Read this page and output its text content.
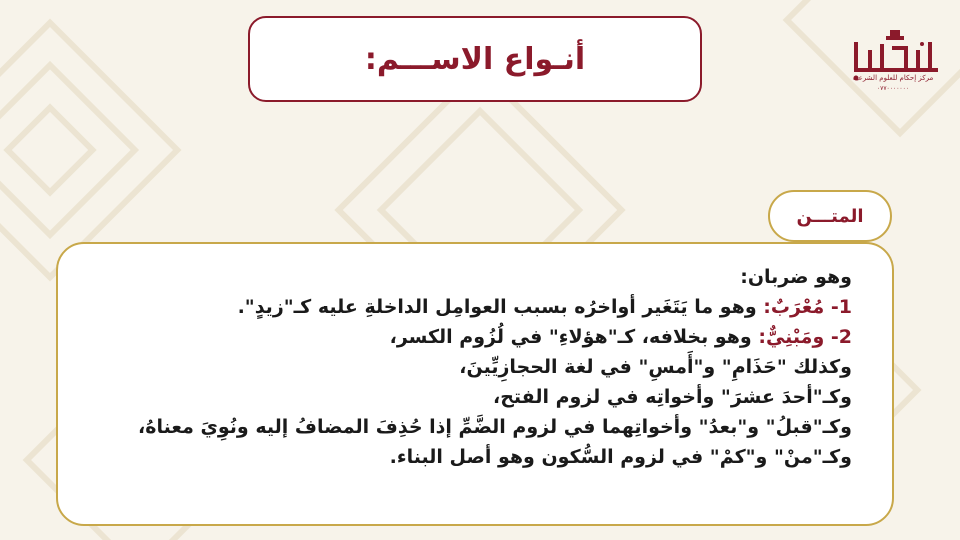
أنـواع الاســـم:
مركز إحكام للعلوم الشرعية
٠٧٧٠٠٠٠٠٠٠
المتـــن
وهو ضربان:
1- مُعْرَبٌ: وهو ما يَتَغَير أواخرُه بسبب العوامِل الداخلةِ عليه كـ"زيدٍ".
2- ومَبْنِيٌّ: وهو بخلافه، كـ"هؤلاءِ" في لُزُوم الكسر،
وكذلك "حَذَامِ" و"أَمسِ" في لغة الحجازِيِّينَ،
وكـ"أحدَ عشرَ" وأخواتِه في لزوم الفتح،
وكـ"قبلُ" و"بعدُ" وأخواتِهما في لزوم الضَّمِّ إذا حُذِفَ المضافُ إليه ونُوِيَ معناهُ،
وكـ"منْ" و"كمْ" في لزوم السُّكون وهو أصل البناء.
